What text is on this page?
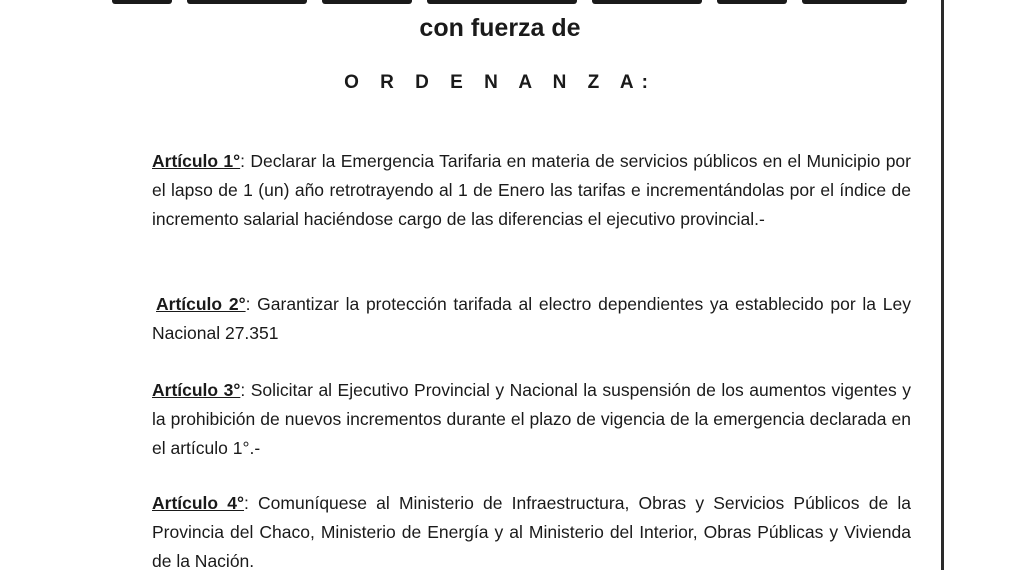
con fuerza de
O R D E N A N Z A:
Artículo 1°: Declarar la Emergencia Tarifaria en materia de servicios públicos en el Municipio por el lapso de 1 (un) año retrotrayendo al 1 de Enero las tarifas e incrementándolas por el índice de incremento salarial haciéndose cargo de las diferencias el ejecutivo provincial.-
Artículo 2°: Garantizar la protección tarifada al electro dependientes ya establecido por la Ley Nacional 27.351
Artículo 3°: Solicitar al Ejecutivo Provincial y Nacional la suspensión de los aumentos vigentes y la prohibición de nuevos incrementos durante el plazo de vigencia de la emergencia declarada en el artículo 1°.-
Artículo 4°: Comuníquese al Ministerio de Infraestructura, Obras y Servicios Públicos de la Provincia del Chaco, Ministerio de Energía y al Ministerio del Interior, Obras Públicas y Vivienda de la Nación.
